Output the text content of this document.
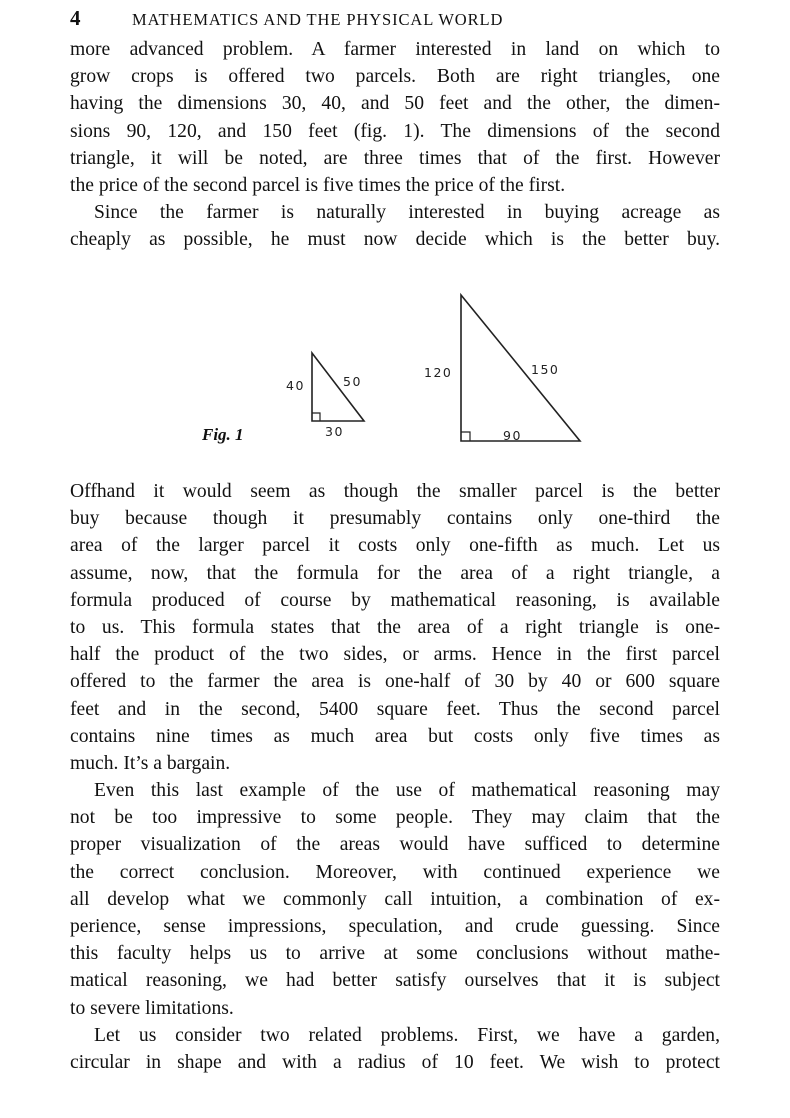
4	MATHEMATICS AND THE PHYSICAL WORLD
more advanced problem. A farmer interested in land on which to
grow crops is offered two parcels. Both are right triangles, one
having the dimensions 30, 40, and 50 feet and the other, the dimen-
sions 90, 120, and 150 feet (fig. 1). The dimensions of the second
triangle, it will be noted, are three times that of the first. However
the price of the second parcel is five times the price of the first.
Since the farmer is naturally interested in buying acreage as
cheaply as possible, he must now decide which is the better buy.
Fig. 1
40	50
30
120	150
90
Offhand it would seem as though the smaller parcel is the better
buy because though it presumably contains only one-third the
area of the larger parcel it costs only one-fifth as much. Let us
assume, now, that the formula for the area of a right triangle, a
formula produced of course by mathematical reasoning, is available
to us. This formula states that the area of a right triangle is one-
half the product of the two sides, or arms. Hence in the first parcel
offered to the farmer the area is one-half of 30 by 40 or 600 square
feet and in the second, 5400 square feet. Thus the second parcel
contains nine times as much area but costs only five times as
much. It’s a bargain.
Even this last example of the use of mathematical reasoning may
not be too impressive to some people. They may claim that the
proper visualization of the areas would have sufficed to determine
the correct conclusion. Moreover, with continued experience we
all develop what we commonly call intuition, a combination of ex-
perience, sense impressions, speculation, and crude guessing. Since
this faculty helps us to arrive at some conclusions without mathe-
matical reasoning, we had better satisfy ourselves that it is subject
to severe limitations.
Let us consider two related problems. First, we have a garden,
circular in shape and with a radius of 10 feet. We wish to protect
